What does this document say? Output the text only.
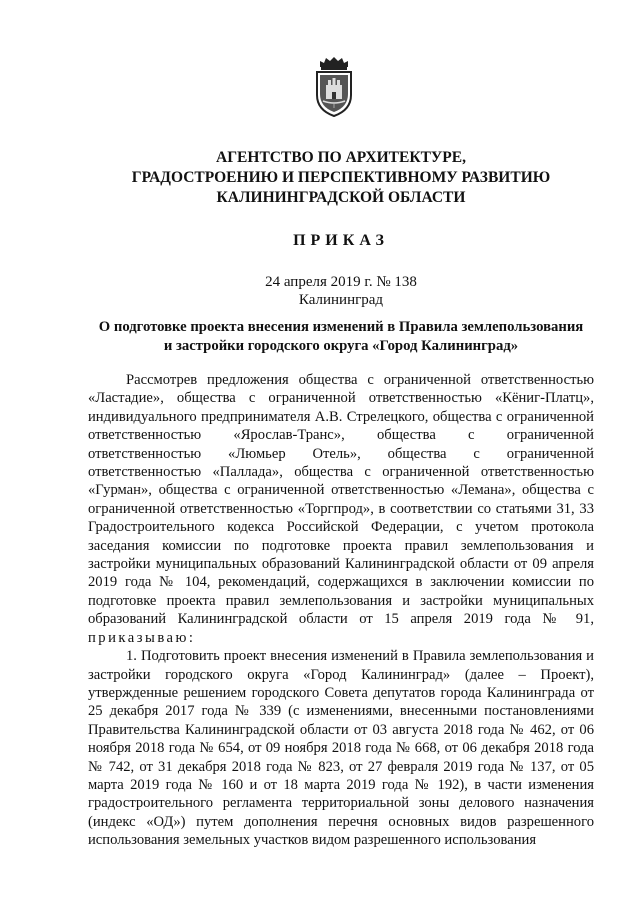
I
АГЕНТСТВО ПО АРХИТЕКТУРЕ,
ГРАДОСТРОЕНИЮ И ПЕРСПЕКТИВНОМУ РАЗВИТИЮ
КАЛИНИНГРАДСКОЙ ОБЛАСТИ
ПРИКАЗ
24 апреля 2019 г. № 138
Калининград
О подготовке проекта внесения изменений в Правила землепользования
и застройки городского округа «Город Калининград»

Рассмотрев предложения общества с ограниченной ответственностью «Ластадие», общества с ограниченной ответственностью «Кёниг-Платц», индивидуального предпринимателя А.В. Стрелецкого, общества с ограниченной ответственностью «Ярослав-Транс», общества с ограниченной ответственностью «Люмьер Отель», общества с ограниченной ответственностью «Паллада», общества с ограниченной ответственностью «Гурман», общества с ограниченной ответственностью «Лемана», общества с ограниченной ответственностью «Торгпрод», в соответствии со статьями 31, 33 Градостроительного кодекса Российской Федерации, с учетом протокола заседания комиссии по подготовке проекта правил землепользования и застройки муниципальных образований Калининградской области от 09 апреля 2019 года № 104, рекомендаций, содержащихся в заключении комиссии по подготовке проекта правил землепользования и застройки муниципальных образований Калининградской области от 15 апреля 2019 года № 91, приказываю:

1. Подготовить проект внесения изменений в Правила землепользования и застройки городского округа «Город Калининград» (далее – Проект), утвержденные решением городского Совета депутатов города Калининграда от 25 декабря 2017 года № 339 (с изменениями, внесенными постановлениями Правительства Калининградской области от 03 августа 2018 года № 462, от 06 ноября 2018 года № 654, от 09 ноября 2018 года № 668, от 06 декабря 2018 года № 742, от 31 декабря 2018 года № 823, от 27 февраля 2019 года № 137, от 05 марта 2019 года № 160 и от 18 марта 2019 года № 192), в части изменения градостроительного регламента территориальной зоны делового назначения (индекс «ОД») путем дополнения перечня основных видов разрешенного использования земельных участков видом разрешенного использования
